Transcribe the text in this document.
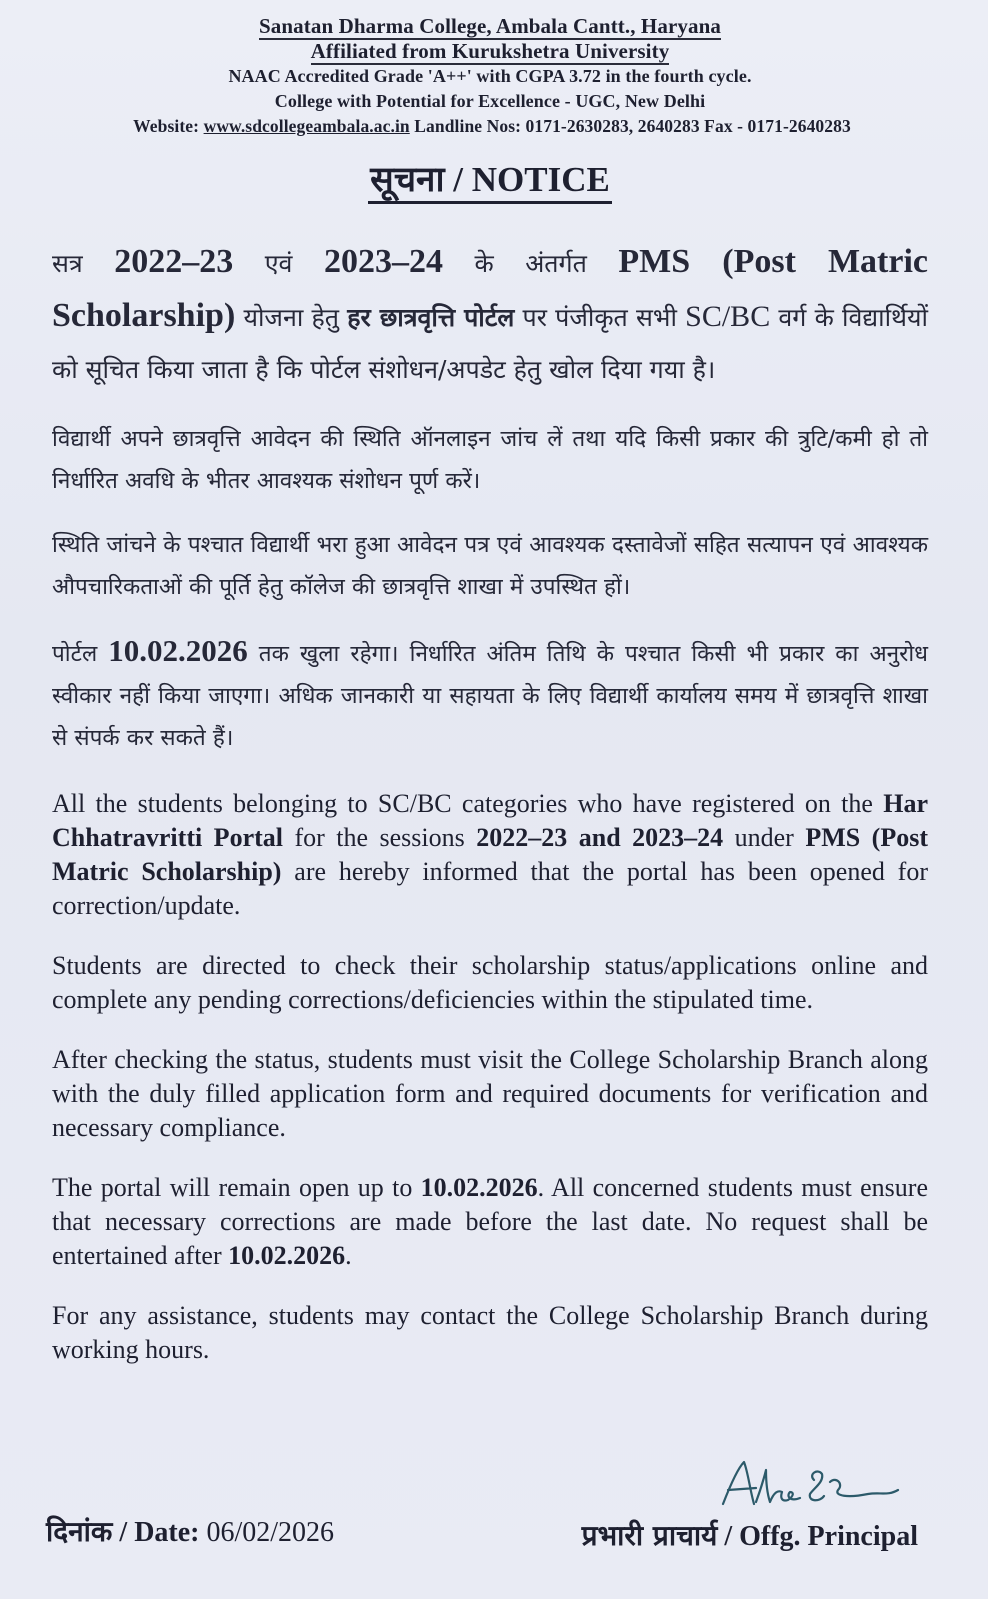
Sanatan Dharma College, Ambala Cantt., Haryana
Affiliated from Kurukshetra University
NAAC Accredited Grade 'A++' with CGPA 3.72 in the fourth cycle.
College with Potential for Excellence - UGC, New Delhi
Website: www.sdcollegeambala.ac.in Landline Nos: 0171-2630283, 2640283 Fax - 0171-2640283
सूचना / NOTICE

सत्र 2022–23 एवं 2023–24 के अंतर्गत PMS (Post Matric Scholarship) योजना हेतु हर छात्रवृत्ति पोर्टल पर पंजीकृत सभी SC/BC वर्ग के विद्यार्थियों को सूचित किया जाता है कि पोर्टल संशोधन/अपडेट हेतु खोल दिया गया है।

विद्यार्थी अपने छात्रवृत्ति आवेदन की स्थिति ऑनलाइन जांच लें तथा यदि किसी प्रकार की त्रुटि/कमी हो तो निर्धारित अवधि के भीतर आवश्यक संशोधन पूर्ण करें।

स्थिति जांचने के पश्चात विद्यार्थी भरा हुआ आवेदन पत्र एवं आवश्यक दस्तावेजों सहित सत्यापन एवं आवश्यक औपचारिकताओं की पूर्ति हेतु कॉलेज की छात्रवृत्ति शाखा में उपस्थित हों।

पोर्टल 10.02.2026 तक खुला रहेगा। निर्धारित अंतिम तिथि के पश्चात किसी भी प्रकार का अनुरोध स्वीकार नहीं किया जाएगा। अधिक जानकारी या सहायता के लिए विद्यार्थी कार्यालय समय में छात्रवृत्ति शाखा से संपर्क कर सकते हैं।

All the students belonging to SC/BC categories who have registered on the Har Chhatravritti Portal for the sessions 2022–23 and 2023–24 under PMS (Post Matric Scholarship) are hereby informed that the portal has been opened for correction/update.

Students are directed to check their scholarship status/applications online and complete any pending corrections/deficiencies within the stipulated time.

After checking the status, students must visit the College Scholarship Branch along with the duly filled application form and required documents for verification and necessary compliance.

The portal will remain open up to 10.02.2026. All concerned students must ensure that necessary corrections are made before the last date. No request shall be entertained after 10.02.2026.

For any assistance, students may contact the College Scholarship Branch during working hours.

दिनांक / Date: 06/02/2026	प्रभारी प्राचार्य / Offg. Principal
